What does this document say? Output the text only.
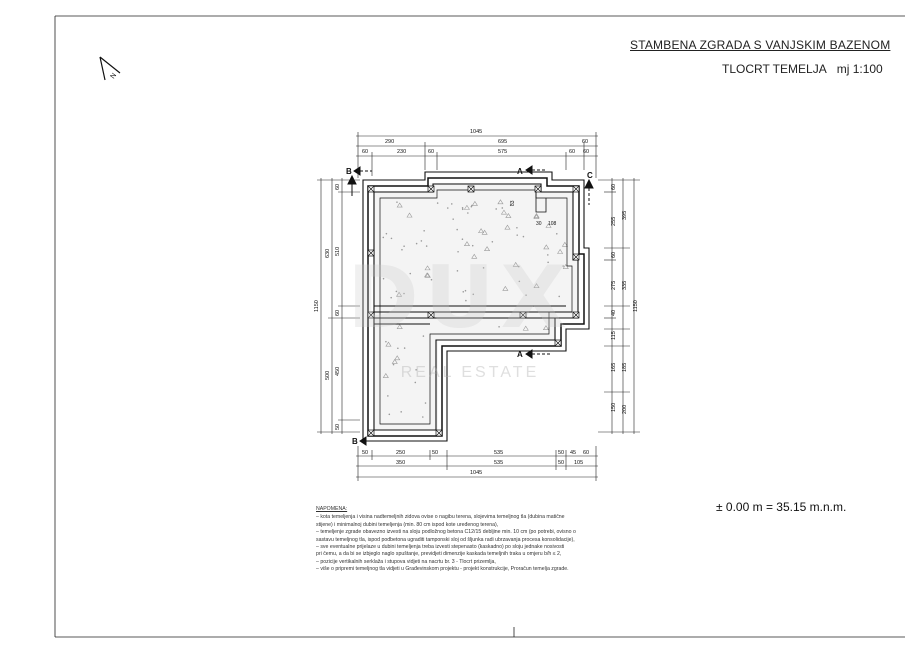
N
B
B
A
A
C
1045
290	695	60
60	230	60	575	60 60
50	250	50	535	50 45 60
350	535	50 105
1045
1150
630
500
60
510
60
450
50
60
395
255
60
275
40
115
165
150
335
1150
185
200
83
30 108
DUX
REAL ESTATE
STAMBENA ZGRADA S VANJSKIM BAZENOM
TLOCRT TEMELJA mj 1:100
± 0.00 m = 35.15 m.n.m.
NAPOMENA:
– kota temeljenja i visina nadtemeljnih zidova ovise o nagibu terena, slojevima temeljnog tla (dubina matične
stijene) i minimalnoj dubini temeljenja (min. 80 cm ispod kote uređenog terena),
– temeljenje zgrade obavezno izvesti na sloju podložnog betona C12/15 debljine min. 10 cm (po potrebi, ovisno o
sastavu temeljnog tla, ispod podbetona ugraditi tamponski sloj od šljunka radi ubrzavanja procesa konsolidacije),
– sve eventualne prijelaze u dubini temeljenja treba izvesti stepenasto (kaskadno) po sloju jednake nosivosti
pri čemu, a da bi se izbjeglo naglo spuštanje, previdjeti dimenzije kaskada temeljnih traka u omjeru b/h ≤ 2,
– pozicije vertikalnih serklaža i stupova vidjeti na nacrtu br. 3 - Tlocrt prizemlja,
– više o pripremi temeljnog tla vidjeti u Građevinskom projektu - projekt konstrukcije, Proračun temelja zgrade.
